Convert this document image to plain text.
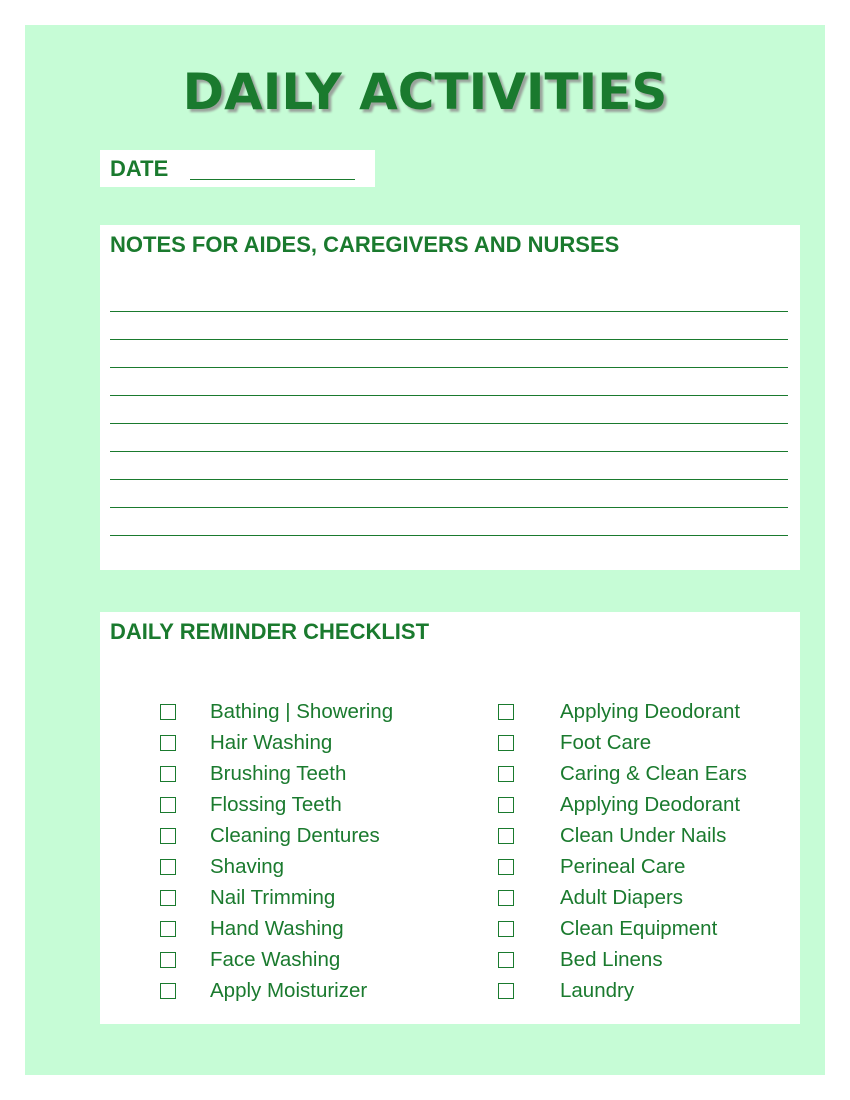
DAILY ACTIVITIES
DATE
NOTES FOR AIDES, CAREGIVERS AND NURSES
DAILY REMINDER CHECKLIST
Bathing | Showering
Hair Washing
Brushing Teeth
Flossing Teeth
Cleaning Dentures
Shaving
Nail Trimming
Hand Washing
Face Washing
Apply Moisturizer
Applying Deodorant
Foot Care
Caring & Clean Ears
Applying Deodorant
Clean Under Nails
Perineal Care
Adult Diapers
Clean Equipment
Bed Linens
Laundry
